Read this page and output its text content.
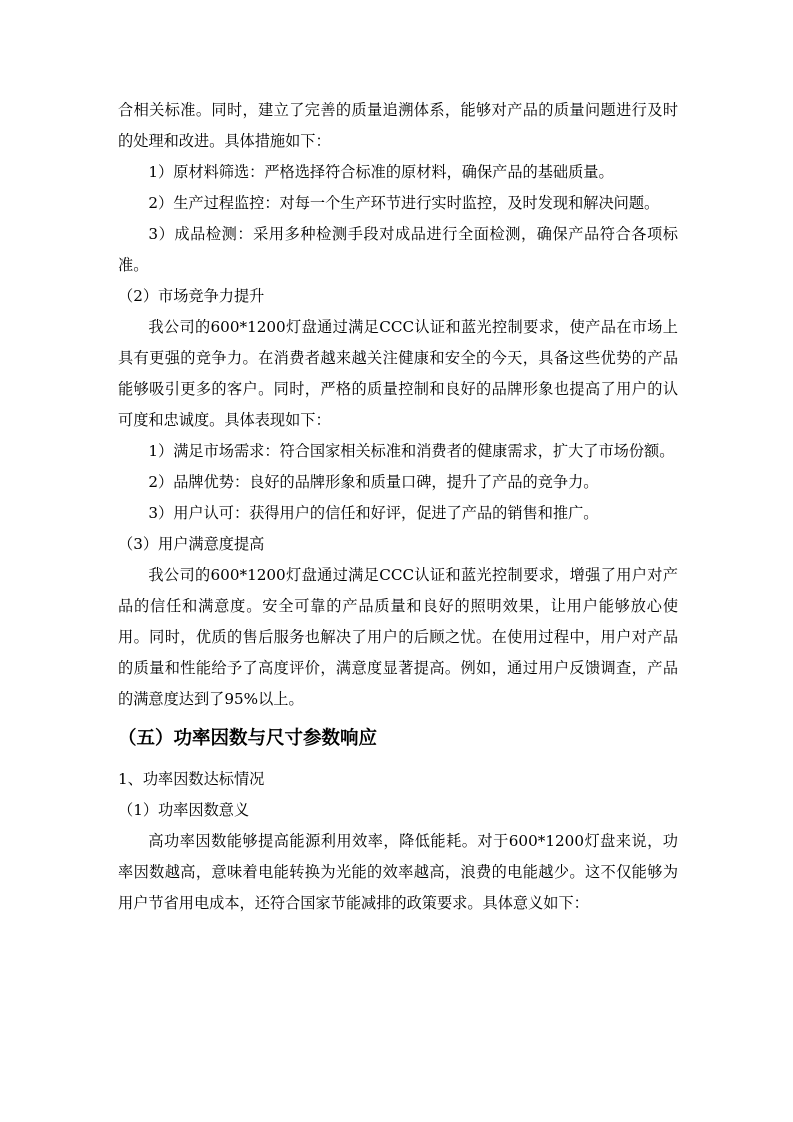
合相关标准。同时，建立了完善的质量追溯体系，能够对产品的质量问题进行及时的处理和改进。具体措施如下：

1）原材料筛选：严格选择符合标准的原材料，确保产品的基础质量。

2）生产过程监控：对每一个生产环节进行实时监控，及时发现和解决问题。

3）成品检测：采用多种检测手段对成品进行全面检测，确保产品符合各项标准。

（2）市场竞争力提升

我公司的600*1200灯盘通过满足CCC认证和蓝光控制要求，使产品在市场上具有更强的竞争力。在消费者越来越关注健康和安全的今天，具备这些优势的产品能够吸引更多的客户。同时，严格的质量控制和良好的品牌形象也提高了用户的认可度和忠诚度。具体表现如下：

1）满足市场需求：符合国家相关标准和消费者的健康需求，扩大了市场份额。

2）品牌优势：良好的品牌形象和质量口碑，提升了产品的竞争力。

3）用户认可：获得用户的信任和好评，促进了产品的销售和推广。

（3）用户满意度提高

我公司的600*1200灯盘通过满足CCC认证和蓝光控制要求，增强了用户对产品的信任和满意度。安全可靠的产品质量和良好的照明效果，让用户能够放心使用。同时，优质的售后服务也解决了用户的后顾之忧。在使用过程中，用户对产品的质量和性能给予了高度评价，满意度显著提高。例如，通过用户反馈调查，产品的满意度达到了95%以上。

（五）功率因数与尺寸参数响应

1、功率因数达标情况

（1）功率因数意义

高功率因数能够提高能源利用效率，降低能耗。对于600*1200灯盘来说，功率因数越高，意味着电能转换为光能的效率越高，浪费的电能越少。这不仅能够为用户节省用电成本，还符合国家节能减排的政策要求。具体意义如下：
